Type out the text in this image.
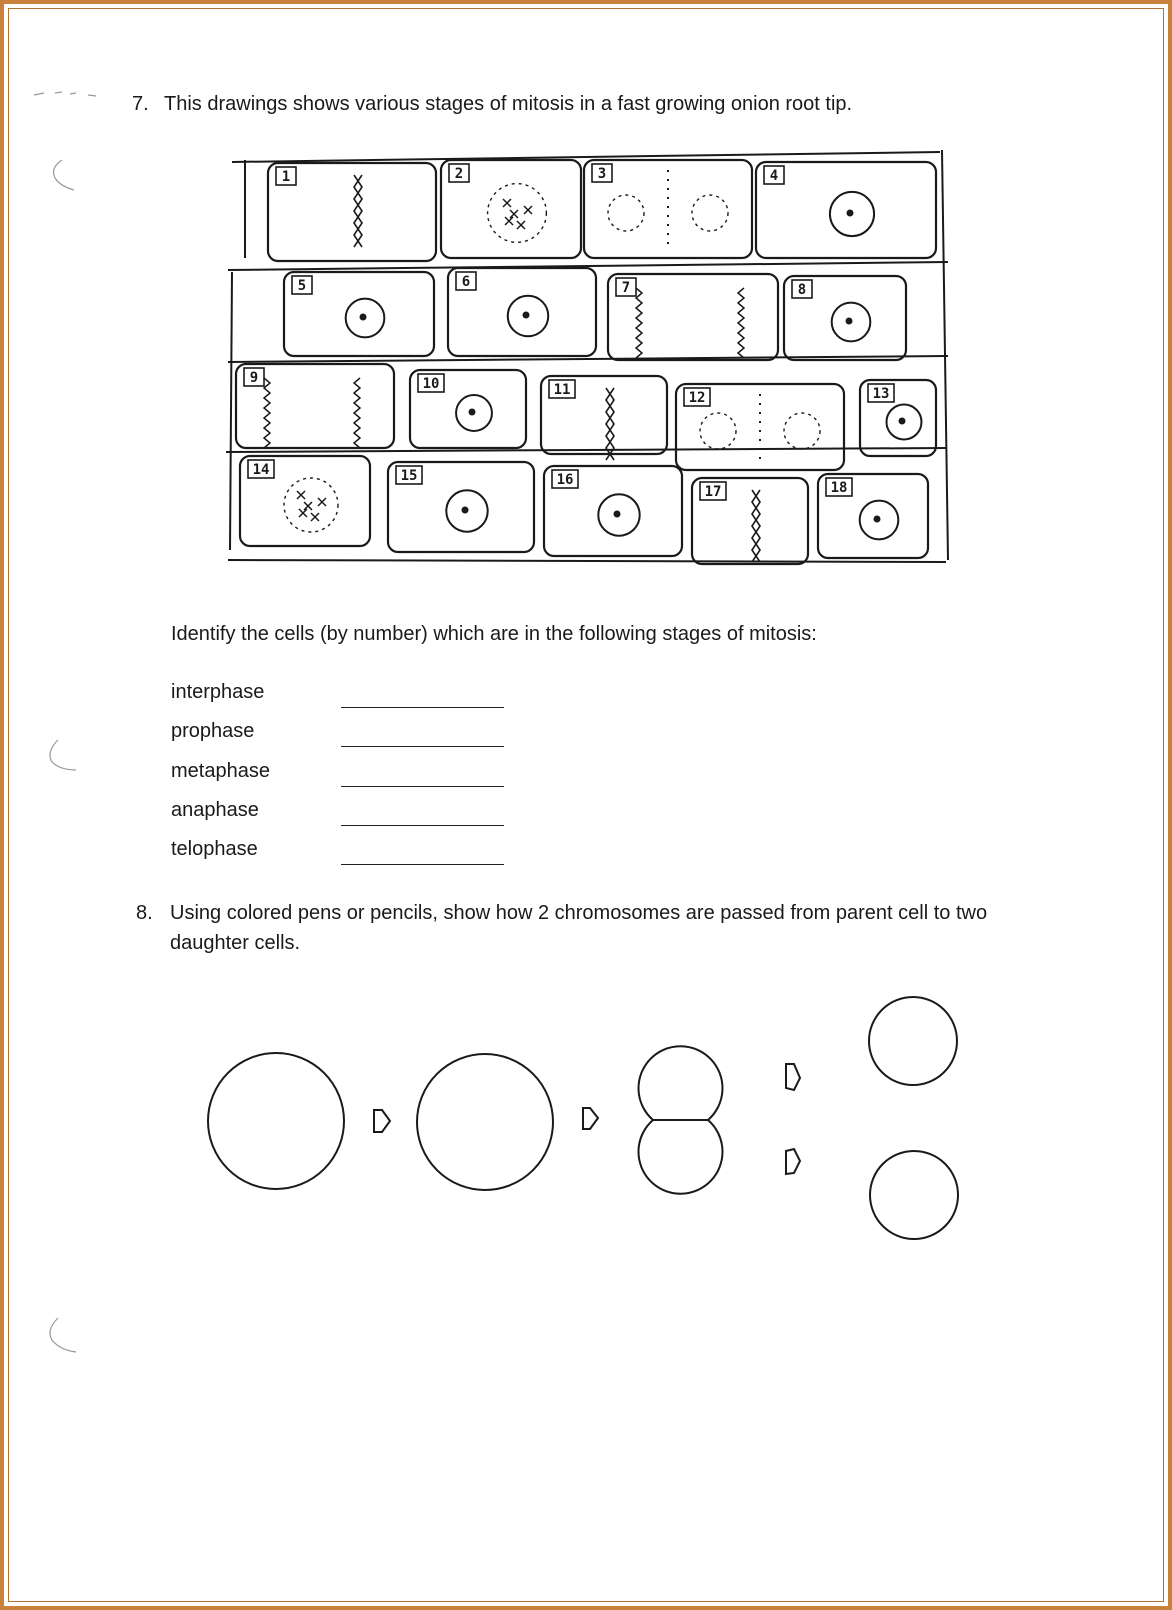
7. This drawings shows various stages of mitosis in a fast growing onion root tip.
1	2	3	4
5	6	7	8
9	10	11	12	13
14	15	16
17	18
Identify the cells (by number) which are in the following stages of mitosis:
interphase
prophase
metaphase
anaphase
telophase
8. Using colored pens or pencils, show how 2 chromosomes are passed from parent cell to two daughter cells.
